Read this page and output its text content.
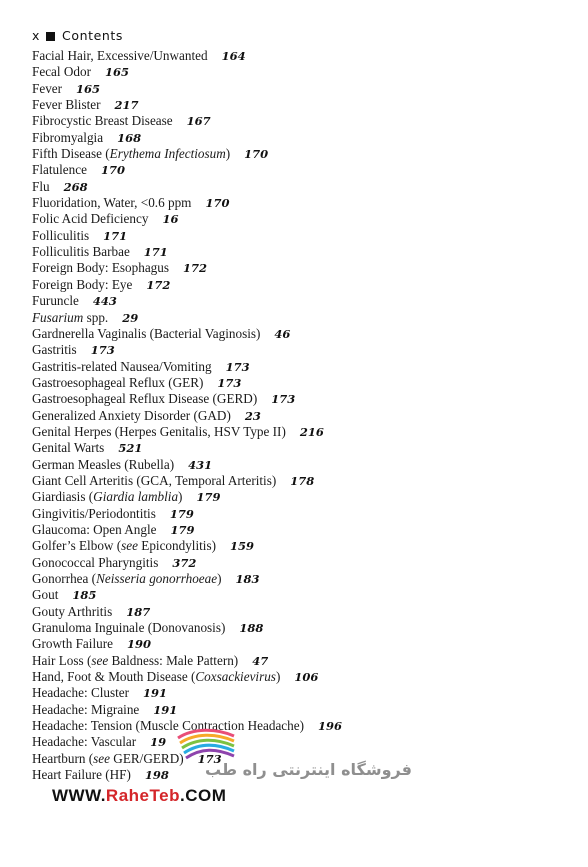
x Contents
Facial Hair, Excessive/Unwanted 164
Fecal Odor 165
Fever 165
Fever Blister 217
Fibrocystic Breast Disease 167
Fibromyalgia 168
Fifth Disease (Erythema Infectiosum) 170
Flatulence 170
Flu 268
Fluoridation, Water, <0.6 ppm 170
Folic Acid Deficiency 16
Folliculitis 171
Folliculitis Barbae 171
Foreign Body: Esophagus 172
Foreign Body: Eye 172
Furuncle 443
Fusarium spp. 29
Gardnerella Vaginalis (Bacterial Vaginosis) 46
Gastritis 173
Gastritis-related Nausea/Vomiting 173
Gastroesophageal Reflux (GER) 173
Gastroesophageal Reflux Disease (GERD) 173
Generalized Anxiety Disorder (GAD) 23
Genital Herpes (Herpes Genitalis, HSV Type II) 216
Genital Warts 521
German Measles (Rubella) 431
Giant Cell Arteritis (GCA, Temporal Arteritis) 178
Giardiasis (Giardia lamblia) 179
Gingivitis/Periodontitis 179
Glaucoma: Open Angle 179
Golfer’s Elbow (see Epicondylitis) 159
Gonococcal Pharyngitis 372
Gonorrhea (Neisseria gonorrhoeae) 183
Gout 185
Gouty Arthritis 187
Granuloma Inguinale (Donovanosis) 188
Growth Failure 190
Hair Loss (see Baldness: Male Pattern) 47
Hand, Foot & Mouth Disease (Coxsackievirus) 106
Headache: Cluster 191
Headache: Migraine 191
Headache: Tension (Muscle Contraction Headache) 196
Headache: Vascular 19
Heartburn (see GER/GERD) 173
Heart Failure (HF) 198	فروشگاه اینترنتی راه طب
WWW.RaheTeb.COM
